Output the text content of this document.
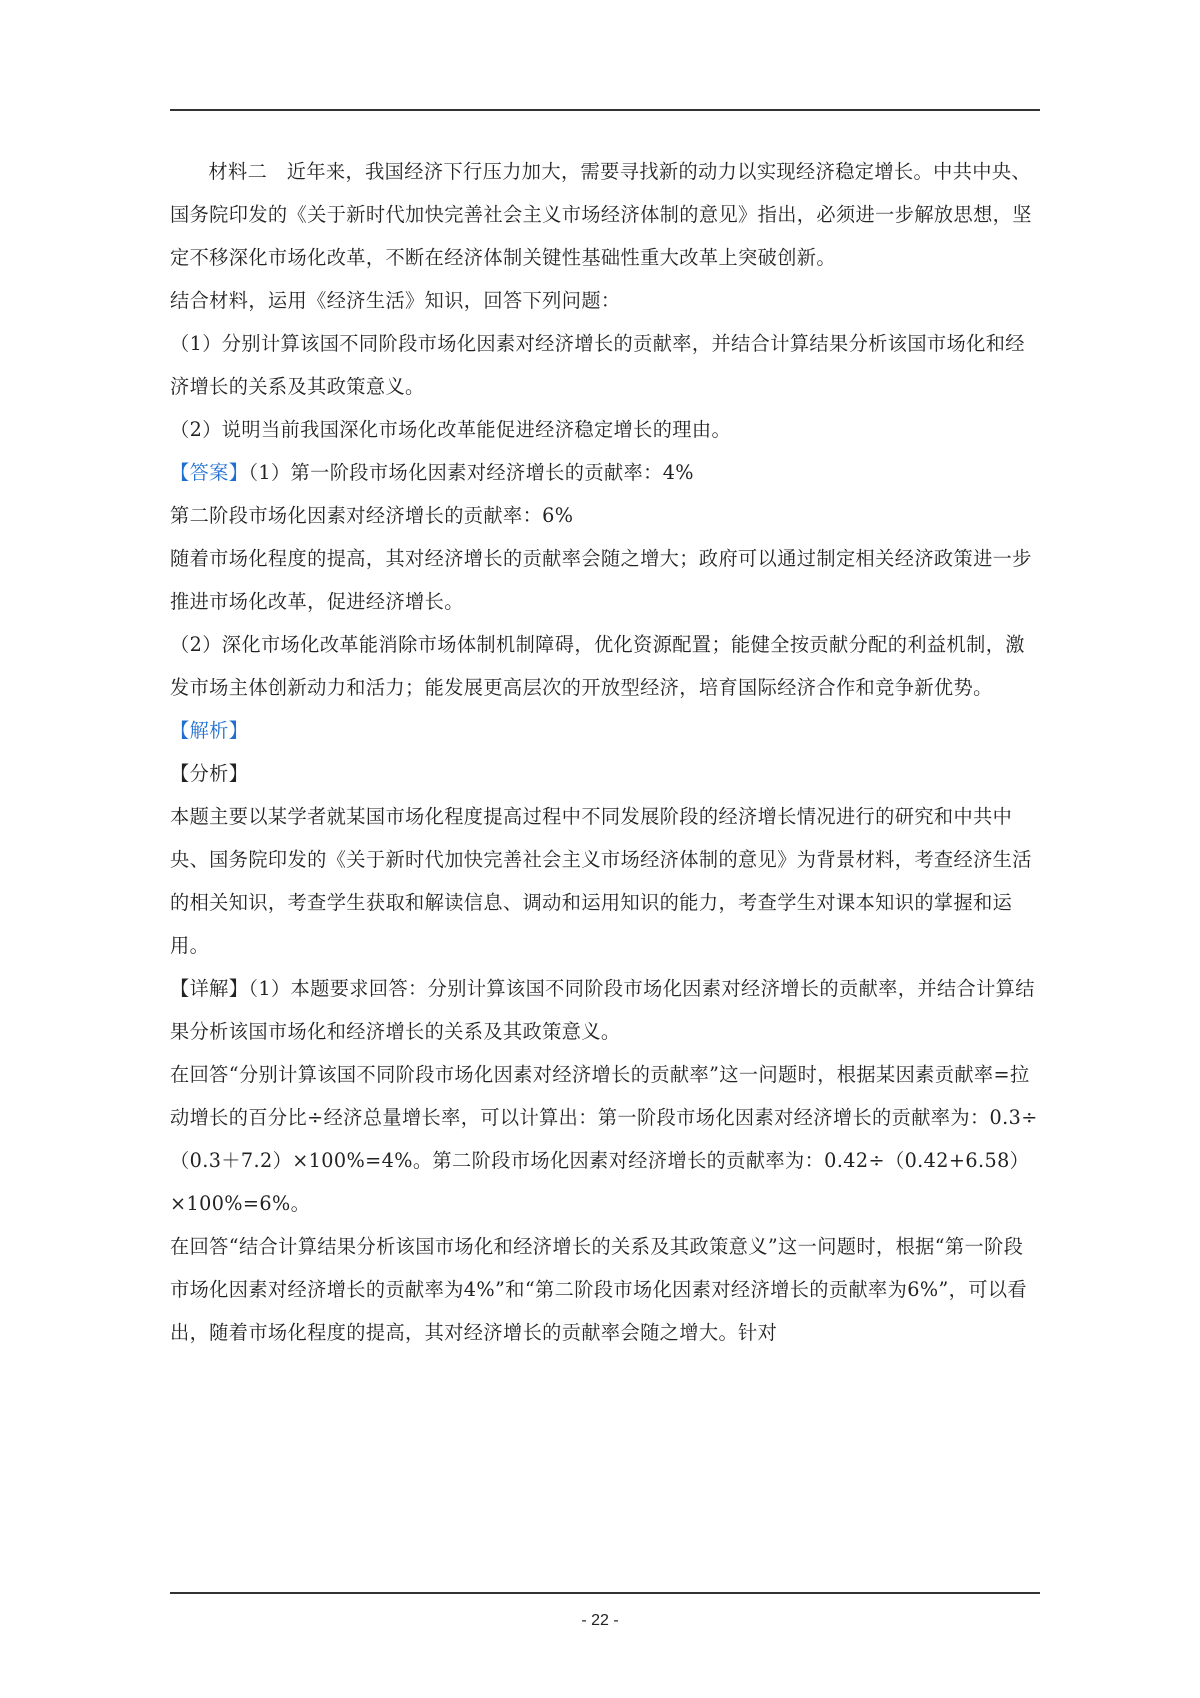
材料二　近年来，我国经济下行压力加大，需要寻找新的动力以实现经济稳定增长。中共中央、国务院印发的《关于新时代加快完善社会主义市场经济体制的意见》指出，必须进一步解放思想，坚定不移深化市场化改革，不断在经济体制关键性基础性重大改革上突破创新。

结合材料，运用《经济生活》知识，回答下列问题：

（1）分别计算该国不同阶段市场化因素对经济增长的贡献率，并结合计算结果分析该国市场化和经济增长的关系及其政策意义。

（2）说明当前我国深化市场化改革能促进经济稳定增长的理由。

【答案】（1）第一阶段市场化因素对经济增长的贡献率：4%

第二阶段市场化因素对经济增长的贡献率：6%

随着市场化程度的提高，其对经济增长的贡献率会随之增大；政府可以通过制定相关经济政策进一步推进市场化改革，促进经济增长。

（2）深化市场化改革能消除市场体制机制障碍，优化资源配置；能健全按贡献分配的利益机制，激发市场主体创新动力和活力；能发展更高层次的开放型经济，培育国际经济合作和竞争新优势。

【解析】

【分析】

本题主要以某学者就某国市场化程度提高过程中不同发展阶段的经济增长情况进行的研究和中共中央、国务院印发的《关于新时代加快完善社会主义市场经济体制的意见》为背景材料，考查经济生活的相关知识，考查学生获取和解读信息、调动和运用知识的能力，考查学生对课本知识的掌握和运用。

【详解】（1）本题要求回答：分别计算该国不同阶段市场化因素对经济增长的贡献率，并结合计算结果分析该国市场化和经济增长的关系及其政策意义。

在回答“分别计算该国不同阶段市场化因素对经济增长的贡献率”这一问题时，根据某因素贡献率=拉动增长的百分比÷经济总量增长率，可以计算出：第一阶段市场化因素对经济增长的贡献率为：0.3÷（0.3＋7.2）×100%=4%。第二阶段市场化因素对经济增长的贡献率为：0.42÷（0.42+6.58）×100%=6%。

在回答“结合计算结果分析该国市场化和经济增长的关系及其政策意义”这一问题时，根据“第一阶段市场化因素对经济增长的贡献率为4%”和“第二阶段市场化因素对经济增长的贡献率为6%”，可以看出，随着市场化程度的提高，其对经济增长的贡献率会随之增大。针对

- 22 -
